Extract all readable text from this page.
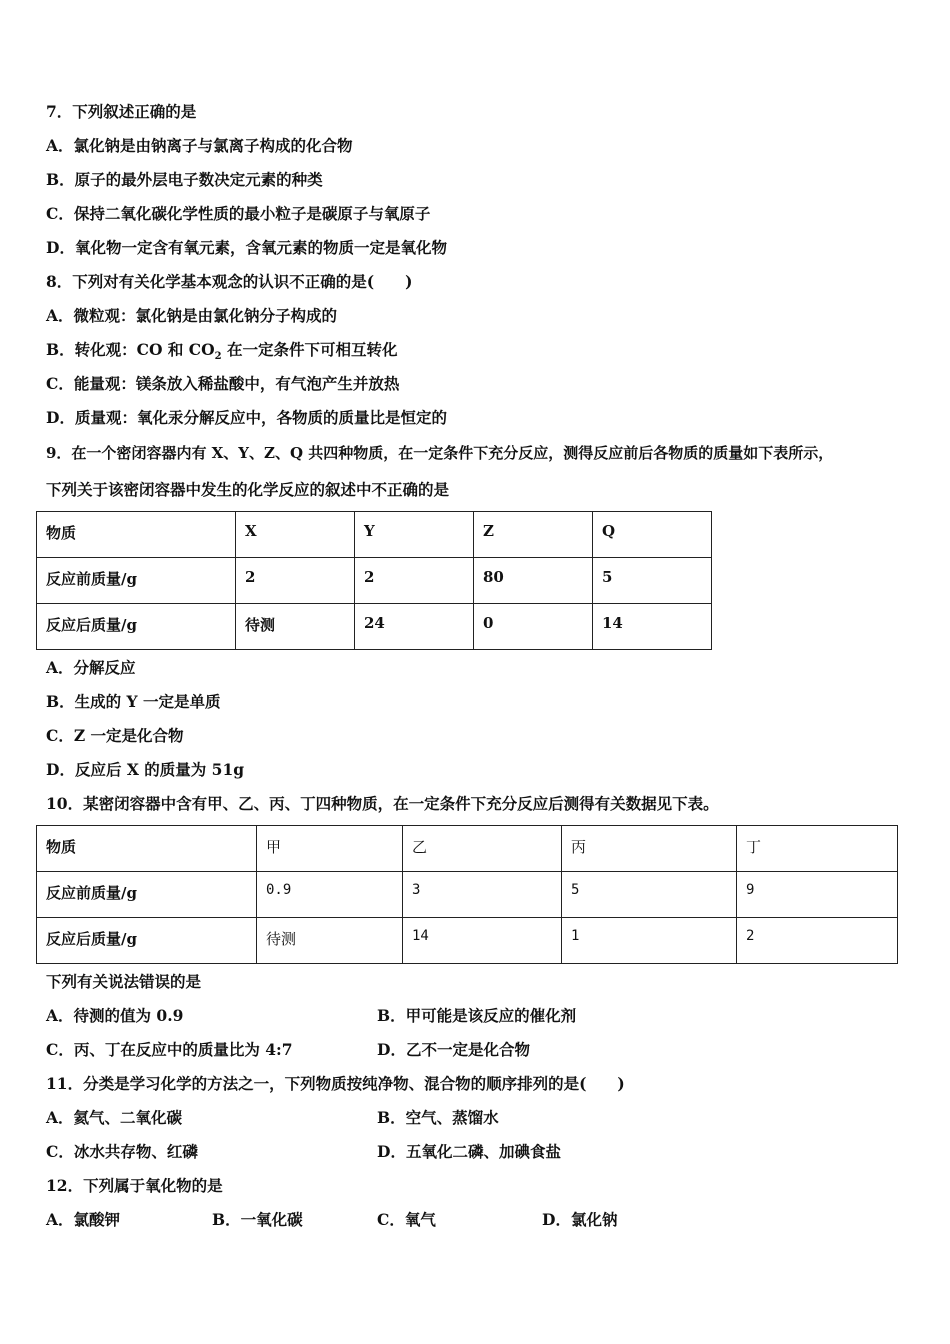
7．下列叙述正确的是
A．氯化钠是由钠离子与氯离子构成的化合物
B．原子的最外层电子数决定元素的种类
C．保持二氧化碳化学性质的最小粒子是碳原子与氧原子
D．氧化物一定含有氧元素，含氧元素的物质一定是氧化物
8．下列对有关化学基本观念的认识不正确的是(　　)
A．微粒观：氯化钠是由氯化钠分子构成的
B．转化观：CO 和 $CO_2$ 在一定条件下可相互转化
C．能量观：镁条放入稀盐酸中，有气泡产生并放热
D．质量观：氧化汞分解反应中，各物质的质量比是恒定的
9．在一个密闭容器内有 X、Y、Z、Q 共四种物质，在一定条件下充分反应，测得反应前后各物质的质量如下表所示，
下列关于该密闭容器中发生的化学反应的叙述中不正确的是
物质	X	Y	Z	Q
反应前质量/g	2	2	80	5
反应后质量/g	待测	24	0	14
A．分解反应
B．生成的 Y 一定是单质
C．Z 一定是化合物
D．反应后 X 的质量为 51g
10．某密闭容器中含有甲、乙、丙、丁四种物质，在一定条件下充分反应后测得有关数据见下表。
物质	甲	乙	丙	丁
反应前质量/g	0.9	3	5	9
反应后质量/g	待测	14	1	2
下列有关说法错误的是
A．待测的值为 0.9	B．甲可能是该反应的催化剂
C．丙、丁在反应中的质量比为 4:7	D．乙不一定是化合物
11．分类是学习化学的方法之一，下列物质按纯净物、混合物的顺序排列的是(　　)
A．氦气、二氧化碳	B．空气、蒸馏水
C．冰水共存物、红磷	D．五氧化二磷、加碘食盐
12．下列属于氧化物的是
A．氯酸钾	B．一氧化碳	C．氧气	D．氯化钠
